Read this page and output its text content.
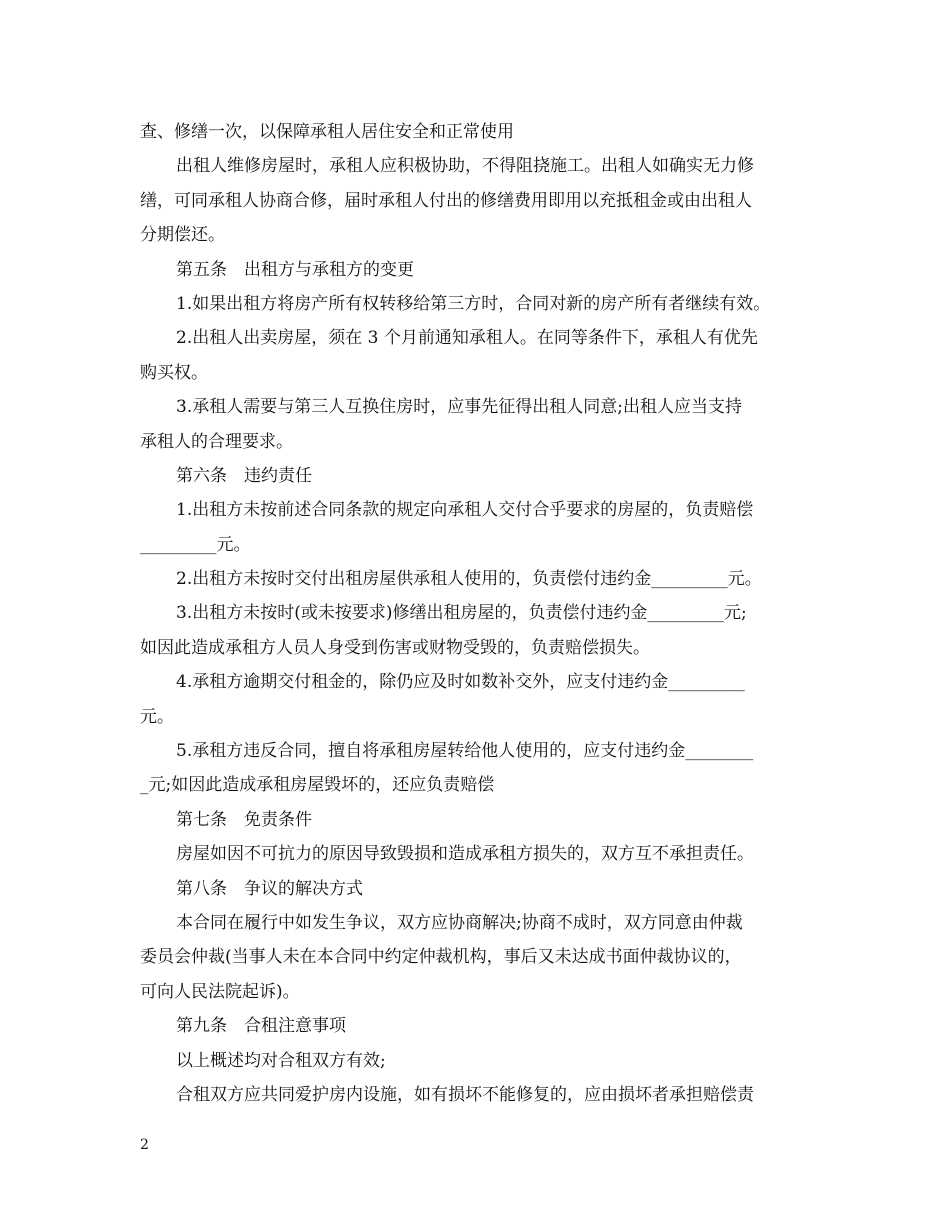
查、修缮一次，以保障承租人居住安全和正常使用
出租人维修房屋时，承租人应积极协助，不得阻挠施工。出租人如确实无力修
缮，可同承租人协商合修，届时承租人付出的修缮费用即用以充抵租金或由出租人
分期偿还。
第五条　出租方与承租方的变更
1.如果出租方将房产所有权转移给第三方时，合同对新的房产所有者继续有效。
2.出租人出卖房屋，须在 3 个月前通知承租人。在同等条件下，承租人有优先
购买权。
3.承租人需要与第三人互换住房时，应事先征得出租人同意;出租人应当支持
承租人的合理要求。
第六条　违约责任
1.出租方未按前述合同条款的规定向承租人交付合乎要求的房屋的，负责赔偿
_________元。
2.出租方未按时交付出租房屋供承租人使用的，负责偿付违约金_________元。
3.出租方未按时(或未按要求)修缮出租房屋的，负责偿付违约金_________元;
如因此造成承租方人员人身受到伤害或财物受毁的，负责赔偿损失。
4.承租方逾期交付租金的，除仍应及时如数补交外，应支付违约金_________
元。
5.承租方违反合同，擅自将承租房屋转给他人使用的，应支付违约金________
_元;如因此造成承租房屋毁坏的，还应负责赔偿
第七条　免责条件
房屋如因不可抗力的原因导致毁损和造成承租方损失的，双方互不承担责任。
第八条　争议的解决方式
本合同在履行中如发生争议，双方应协商解决;协商不成时，双方同意由仲裁
委员会仲裁(当事人未在本合同中约定仲裁机构，事后又未达成书面仲裁协议的，
可向人民法院起诉)。
第九条　合租注意事项
以上概述均对合租双方有效;
合租双方应共同爱护房内设施，如有损坏不能修复的，应由损坏者承担赔偿责
2
